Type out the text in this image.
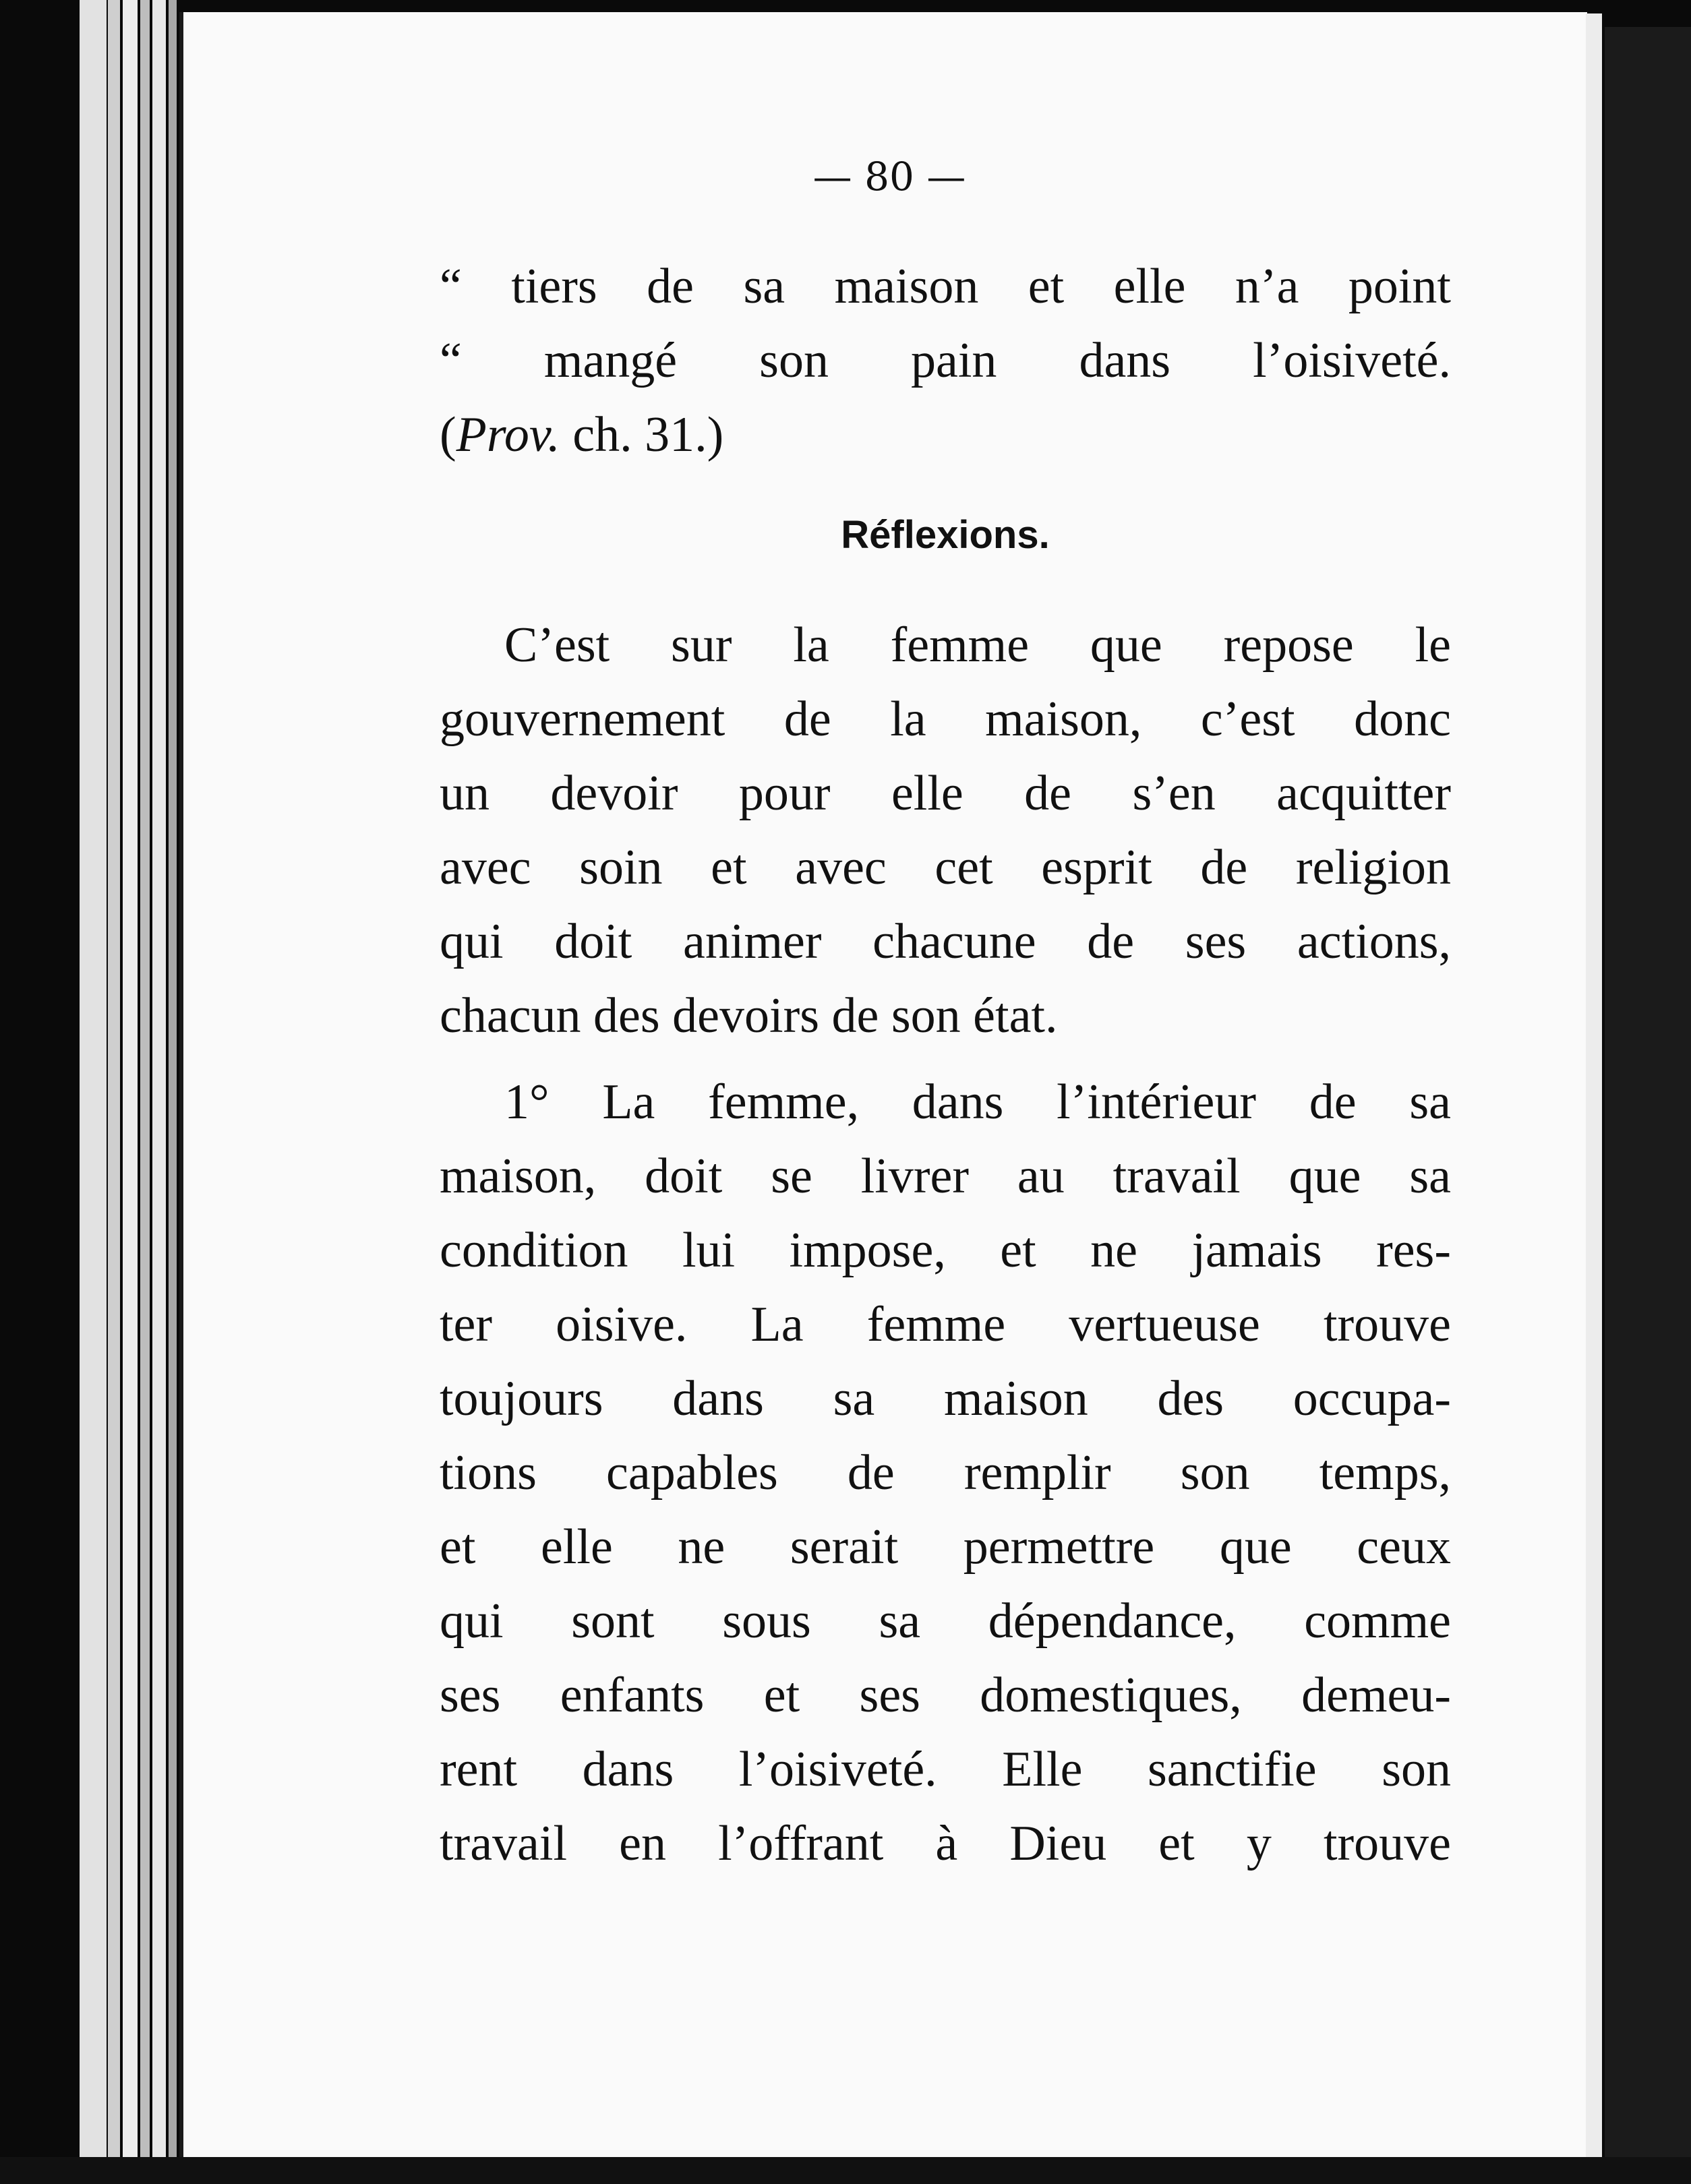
— 80 —
“ tiers de sa maison et elle n’a point
“ mangé son pain dans l’oisiveté.
(Prov. ch. 31.)
Réflexions.
C’est sur la femme que repose le
gouvernement de la maison, c’est donc
un devoir pour elle de s’en acquitter
avec soin et avec cet esprit de religion
qui doit animer chacune de ses actions,
chacun des devoirs de son état.
1° La femme, dans l’intérieur de sa
maison, doit se livrer au travail que sa
condition lui impose, et ne jamais res-
ter oisive. La femme vertueuse trouve
toujours dans sa maison des occupa-
tions capables de remplir son temps,
et elle ne serait permettre que ceux
qui sont sous sa dépendance, comme
ses enfants et ses domestiques, demeu-
rent dans l’oisiveté. Elle sanctifie son
travail en l’offrant à Dieu et y trouve
